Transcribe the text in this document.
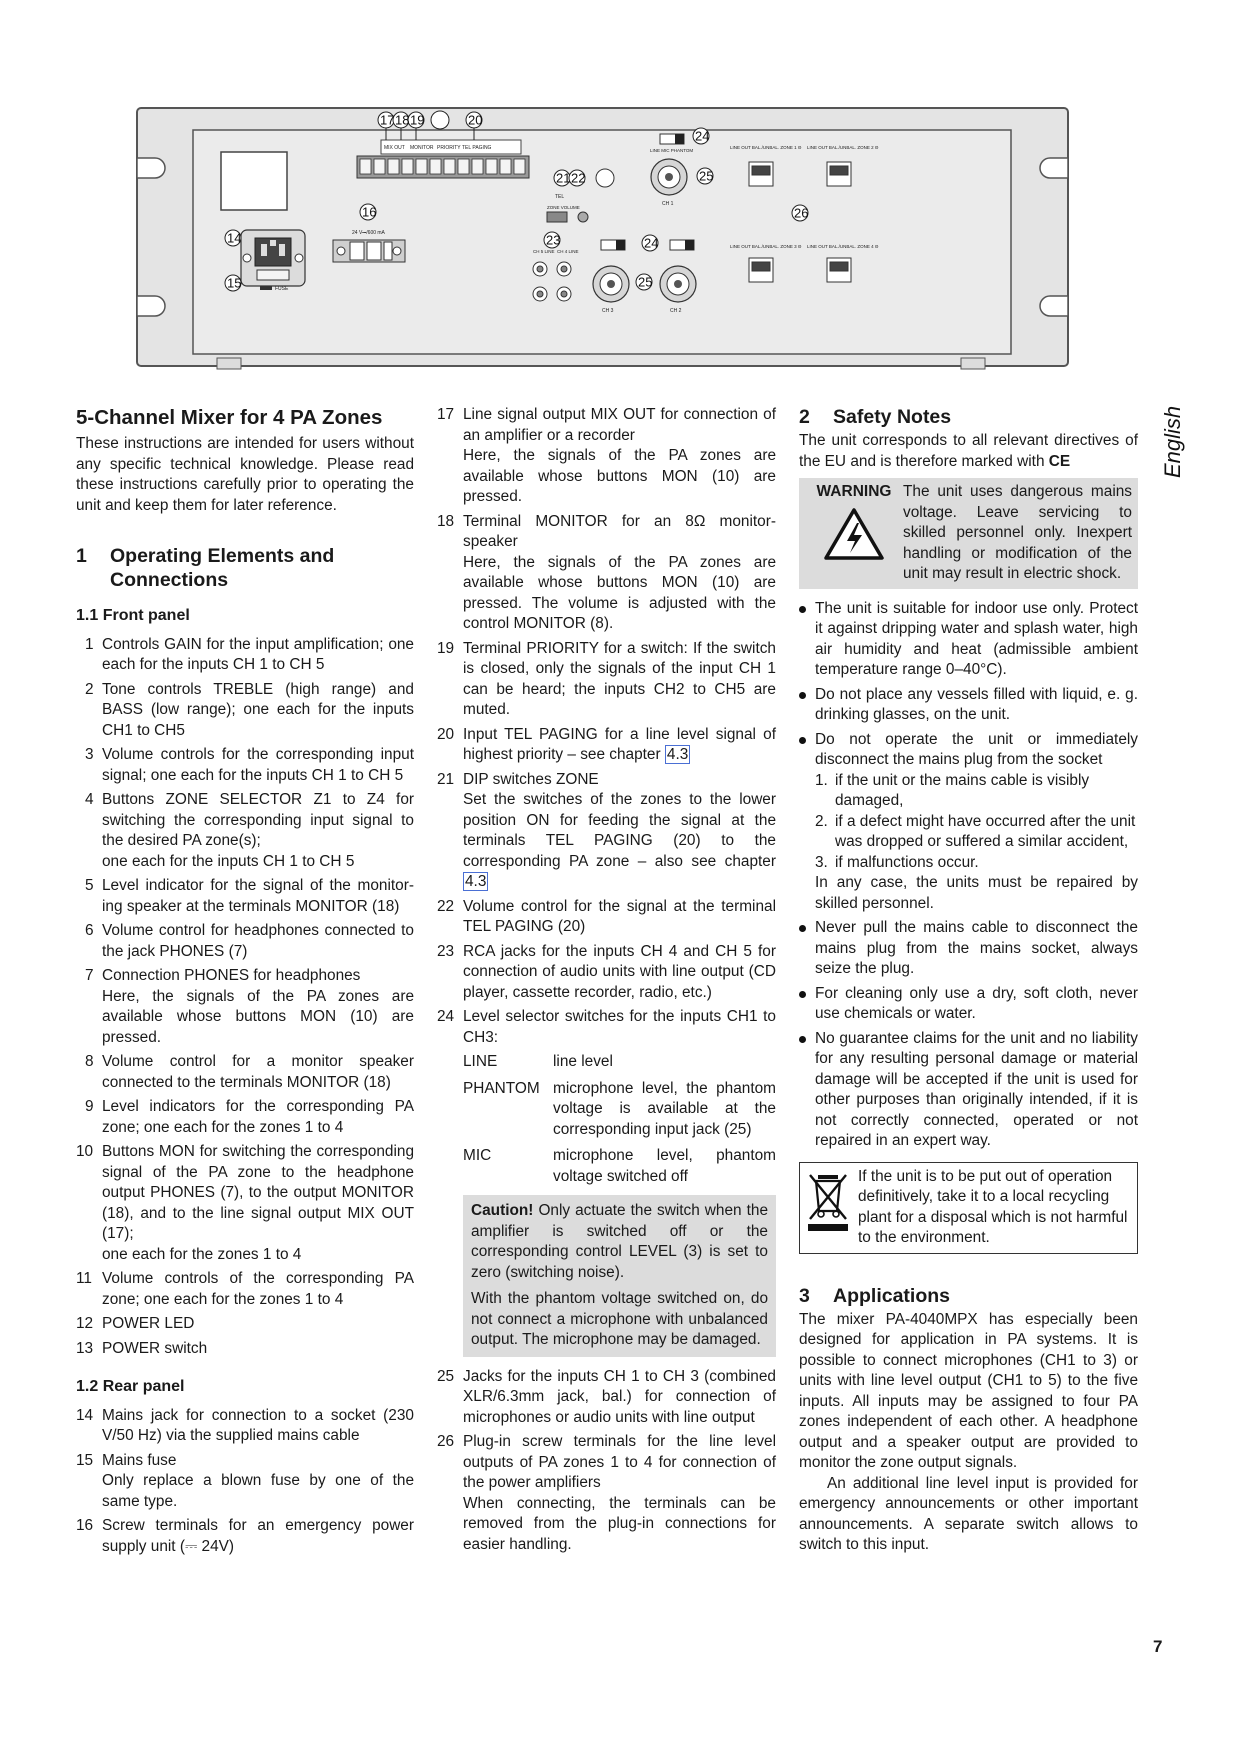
MIX OUT MONITOR PRIORITY TEL PAGING
17 18 19	20
21 22
TEL
ZONE VOLUME
14
15	FUSE
16
24 V⎓/600 mA	23
CH 5 LINE CH 4 LINE
LINE MIC PHANTOM
24
CH 1
25
24
25
CH 3	CH 2
LINE OUT BAL./UNBAL. ZONE 1 Θ LINE OUT BAL./UNBAL. ZONE 2 Θ
LINE OUT BAL./UNBAL. ZONE 3 Θ LINE OUT BAL./UNBAL. ZONE 4 Θ
26
5-Channel Mixer for 4 PA Zones

These instructions are intended for users without any specific technical knowledge. Please read these instructions carefully prior to operating the unit and keep them for later reference.

1	Operating Elements and Connections
1.1 Front panel
1 Controls GAIN for the input amplification; one each for the inputs CH 1 to CH 5
2 Tone controls TREBLE (high range) and BASS (low range); one each for the inputs CH1 to CH5
3 Volume controls for the corresponding input signal; one each for the inputs CH 1 to CH 5
4 Buttons ZONE SELECTOR Z1 to Z4 for switching the corresponding input signal to the desired PA zone(s);
one each for the inputs CH 1 to CH 5
5 Level indicator for the signal of the monitor-ing speaker at the terminals MONITOR (18)
6 Volume control for headphones connected to the jack PHONES (7)
7 Connection PHONES for headphones
Here, the signals of the PA zones are available whose buttons MON (10) are pressed.
8 Volume control for a monitor speaker connected to the terminals MONITOR (18)
9 Level indicators for the corresponding PA zone; one each for the zones 1 to 4
10 Buttons MON for switching the corresponding signal of the PA zone to the headphone output PHONES (7), to the output MONITOR (18), and to the line signal output MIX OUT (17);
one each for the zones 1 to 4
11 Volume controls of the corresponding PA zone; one each for the zones 1 to 4
12 POWER LED
13 POWER switch
1.2 Rear panel
14 Mains jack for connection to a socket (230 V/50 Hz) via the supplied mains cable
15 Mains fuse
Only replace a blown fuse by one of the same type.
16 Screw terminals for an emergency power supply unit (⎓ 24V)
17 Line signal output MIX OUT for connection of an amplifier or a recorder
Here, the signals of the PA zones are available whose buttons MON (10) are pressed.
18 Terminal MONITOR for an 8Ω monitor-speaker
Here, the signals of the PA zones are available whose buttons MON (10) are pressed. The volume is adjusted with the control MONITOR (8).
19 Terminal PRIORITY for a switch: If the switch is closed, only the signals of the input CH 1 can be heard; the inputs CH2 to CH5 are muted.
20 Input TEL PAGING for a line level signal of highest priority – see chapter 4.3
21 DIP switches ZONE
Set the switches of the zones to the lower position ON for feeding the signal at the terminals TEL PAGING (20) to the corresponding PA zone – also see chapter 4.3
22 Volume control for the signal at the terminal TEL PAGING (20)
23 RCA jacks for the inputs CH 4 and CH 5 for connection of audio units with line output (CD player, cassette recorder, radio, etc.)
24 Level selector switches for the inputs CH1 to CH3:
LINE	line level
PHANTOM microphone level, the phantom voltage is available at the corresponding input jack (25)
MIC	microphone level, phantom voltage switched off

Caution! Only actuate the switch when the amplifier is switched off or the corresponding control LEVEL (3) is set to zero (switching noise).

With the phantom voltage switched on, do not connect a microphone with unbalanced output. The microphone may be damaged.

25 Jacks for the inputs CH 1 to CH 3 (combined XLR/6.3mm jack, bal.) for connection of microphones or audio units with line output
26 Plug-in screw terminals for the line level outputs of PA zones 1 to 4 for connection of the power amplifiers
When connecting, the terminals can be removed from the plug-in connections for easier handling.
2	Safety Notes

The unit corresponds to all relevant directives of the EU and is therefore marked with CE

WARNING The unit uses dangerous mains voltage. Leave servicing to skilled personnel only. Inexpert handling or modification of the unit may result in electric shock.
The unit is suitable for indoor use only. Protect it against dripping water and splash water, high air humidity and heat (admissible ambient temperature range 0–40°C).
Do not place any vessels filled with liquid, e. g. drinking glasses, on the unit.
Do not operate the unit or immediately disconnect the mains plug from the socket
1. if the unit or the mains cable is visibly damaged,
2. if a defect might have occurred after the unit was dropped or suffered a similar accident,
3. if malfunctions occur.

In any case, the units must be repaired by skilled personnel.

Never pull the mains cable to disconnect the mains plug from the mains socket, always seize the plug.
For cleaning only use a dry, soft cloth, never use chemicals or water.
No guarantee claims for the unit and no liability for any resulting personal damage or material damage will be accepted if the unit is used for other purposes than originally intended, if it is not correctly connected, operated or not repaired in an expert way.
If the unit is to be put out of operation definitively, take it to a local recycling plant for a disposal which is not harmful to the environment.
3	Applications

The mixer PA-4040MPX has especially been designed for application in PA systems. It is possible to connect microphones (CH1 to 3) or units with line level output (CH1 to 5) to the five inputs. All inputs may be assigned to four PA zones independent of each other. A headphone output and a speaker output are provided to monitor the zone output signals.

An additional line level input is provided for emergency announcements or other important announcements. A separate switch allows to switch to this input.

English
7
